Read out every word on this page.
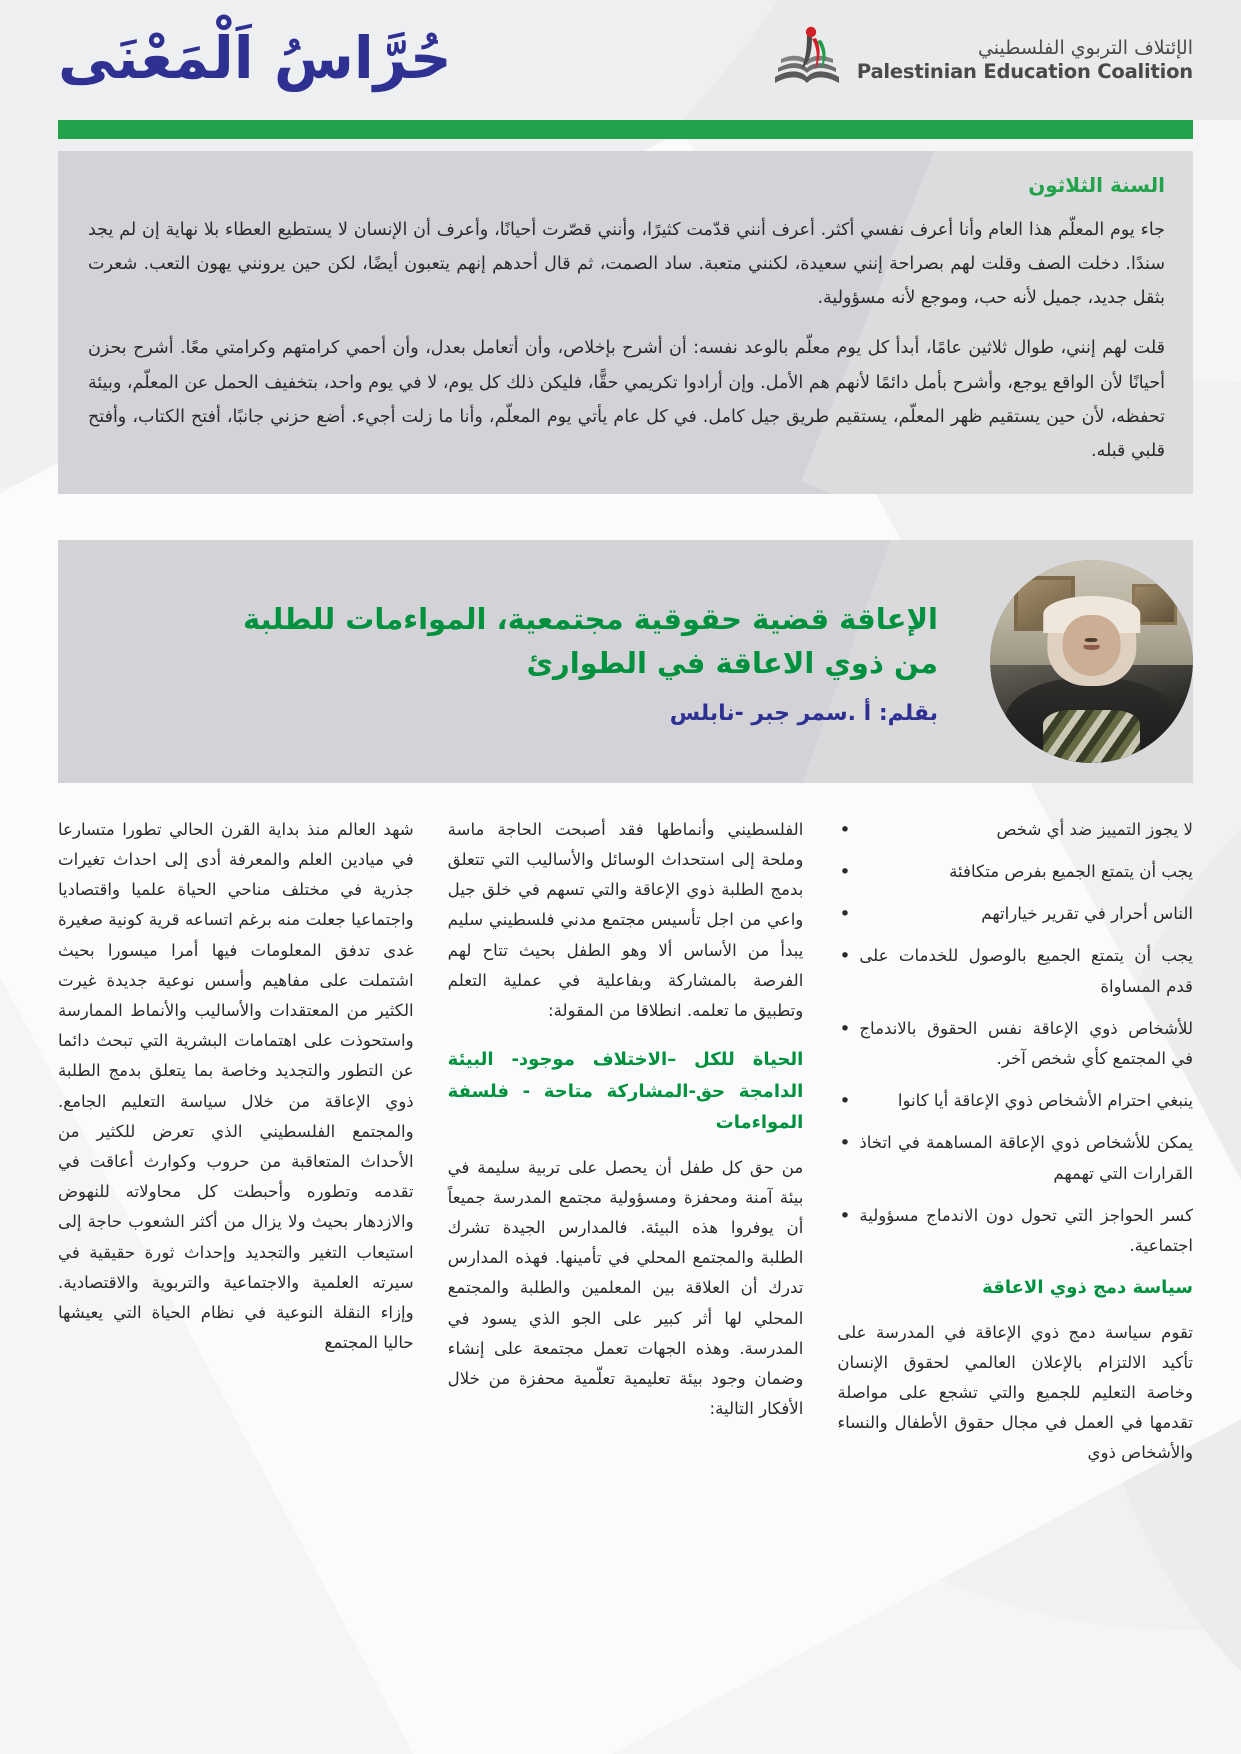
الإئتلاف التربوي الفلسطيني
Palestinian Education Coalition
حُرَّاسُ اَلْمَعْنَى
السنة الثلاثون

جاء يوم المعلّم هذا العام وأنا أعرف نفسي أكثر. أعرف أنني قدّمت كثيرًا، وأنني قصّرت أحيانًا، وأعرف أن الإنسان لا يستطيع العطاء بلا نهاية إن لم يجد سندًا. دخلت الصف وقلت لهم بصراحة إنني سعيدة، لكنني متعبة. ساد الصمت، ثم قال أحدهم إنهم يتعبون أيضًا، لكن حين يرونني يهون التعب. شعرت بثقل جديد، جميل لأنه حب، وموجع لأنه مسؤولية.

قلت لهم إنني، طوال ثلاثين عامًا، أبدأ كل يوم معلّم بالوعد نفسه: أن أشرح بإخلاص، وأن أتعامل بعدل، وأن أحمي كرامتهم وكرامتي معًا. أشرح بحزن أحيانًا لأن الواقع يوجع، وأشرح بأمل دائمًا لأنهم هم الأمل. وإن أرادوا تكريمي حقًّا، فليكن ذلك كل يوم، لا في يوم واحد، بتخفيف الحمل عن المعلّم، وبيئة تحفظه، لأن حين يستقيم ظهر المعلّم، يستقيم طريق جيل كامل. في كل عام يأتي يوم المعلّم، وأنا ما زلت أجيء. أضع حزني جانبًا، أفتح الكتاب، وأفتح قلبي قبله.

الإعاقة قضية حقوقية مجتمعية، المواءمات للطلبة
من ذوي الاعاقة في الطوارئ
بقلم: أ .سمر جبر -نابلس
لا يجوز التمييز ضد أي شخص •
يجب أن يتمتع الجميع بفرص متكافئة •
الناس أحرار في تقرير خياراتهم •
يجب أن يتمتع الجميع بالوصول للخدمات على قدم المساواة •
للأشخاص ذوي الإعاقة نفس الحقوق بالاندماج في المجتمع كأي شخص آخر. •
ينبغي احترام الأشخاص ذوي الإعاقة أيا كانوا •
يمكن للأشخاص ذوي الإعاقة المساهمة في اتخاذ القرارات التي تهمهم •
كسر الحواجز التي تحول دون الاندماج مسؤولية اجتماعية. •
سياسة دمج ذوي الاعاقة

تقوم سياسة دمج ذوي الإعاقة في المدرسة على تأكيد الالتزام بالإعلان العالمي لحقوق الإنسان وخاصة التعليم للجميع والتي تشجع على مواصلة تقدمها في العمل في مجال حقوق الأطفال والنساء والأشخاص ذوي

الفلسطيني وأنماطها فقد أصبحت الحاجة ماسة وملحة إلى استحداث الوسائل والأساليب التي تتعلق بدمج الطلبة ذوي الإعاقة والتي تسهم في خلق جيل واعي من اجل تأسيس مجتمع مدني فلسطيني سليم يبدأ من الأساس ألا وهو الطفل بحيث تتاح لهم الفرصة بالمشاركة وبفاعلية في عملية التعلم وتطبيق ما تعلمه. انطلاقا من المقولة:

الحياة للكل –الاختلاف موجود- البيئة الدامجة حق-المشاركة متاحة - فلسفة المواءمات

من حق كل طفل أن يحصل على تربية سليمة في بيئة آمنة ومحفزة ومسؤولية مجتمع المدرسة جميعاً أن يوفروا هذه البيئة. فالمدارس الجيدة تشرك الطلبة والمجتمع المحلي في تأمينها. فهذه المدارس تدرك أن العلاقة بين المعلمين والطلبة والمجتمع المحلي لها أثر كبير على الجو الذي يسود في المدرسة. وهذه الجهات تعمل مجتمعة على إنشاء وضمان وجود بيئة تعليمية تعلّمية محفزة من خلال الأفكار التالية:

شهد العالم منذ بداية القرن الحالي تطورا متسارعا في ميادين العلم والمعرفة أدى إلى احداث تغيرات جذرية في مختلف مناحي الحياة علميا واقتصاديا واجتماعيا جعلت منه برغم اتساعه قرية كونية صغيرة غدى تدفق المعلومات فيها أمرا ميسورا بحيث اشتملت على مفاهيم وأسس نوعية جديدة غيرت الكثير من المعتقدات والأساليب والأنماط الممارسة واستحوذت على اهتمامات البشرية التي تبحث دائما عن التطور والتجديد وخاصة بما يتعلق بدمج الطلبة ذوي الإعاقة من خلال سياسة التعليم الجامع. والمجتمع الفلسطيني الذي تعرض للكثير من الأحداث المتعاقبة من حروب وكوارث أعاقت في تقدمه وتطوره وأحبطت كل محاولاته للنهوض والازدهار بحيث ولا يزال من أكثر الشعوب حاجة إلى استيعاب التغير والتجديد وإحداث ثورة حقيقية في سيرته العلمية والاجتماعية والتربوية والاقتصادية. وإزاء النقلة النوعية في نظام الحياة التي يعيشها حاليا المجتمع
